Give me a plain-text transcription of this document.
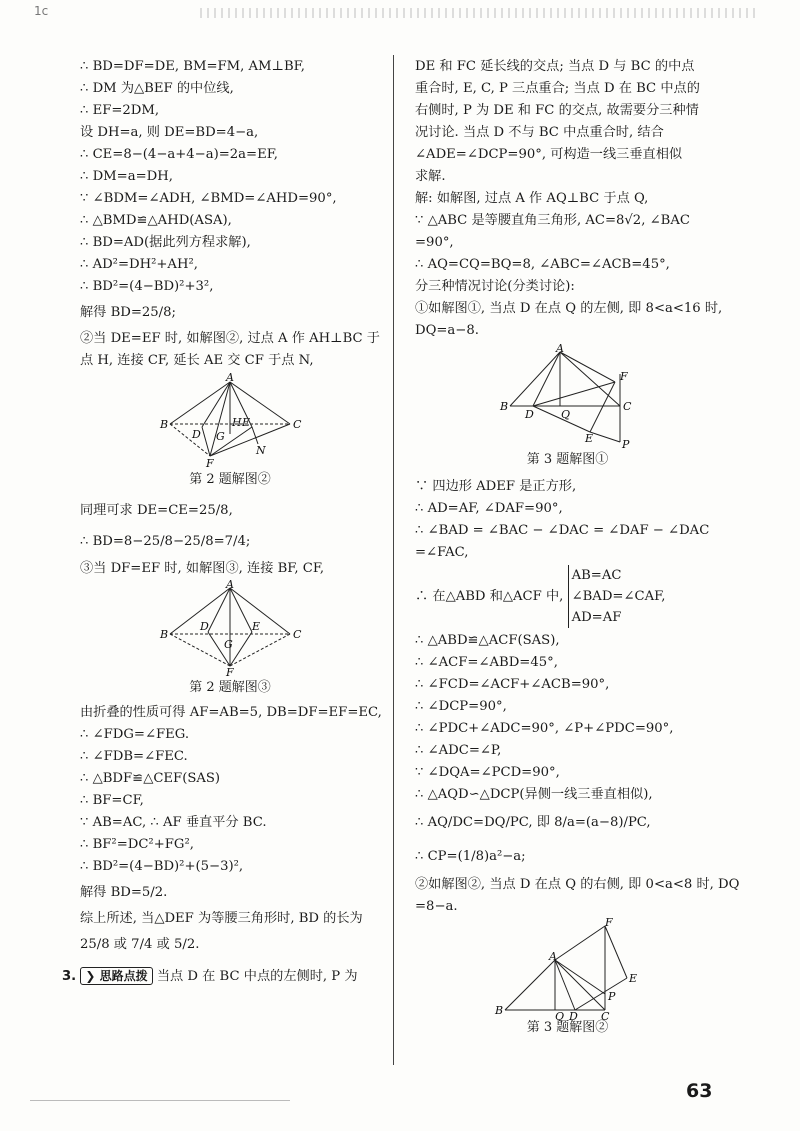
1c
∴ BD=DF=DE, BM=FM, AM⊥BF,
∴ DM 为△BEF 的中位线,
∴ EF=2DM,
设 DH=a, 则 DE=BD=4−a,
∴ CE=8−(4−a+4−a)=2a=EF,
∴ DM=a=DH,
∵ ∠BDM=∠ADH, ∠BMD=∠AHD=90°,
∴ △BMD≌△AHD(ASA),
∴ BD=AD(据此列方程求解),
∴ AD²=DH²+AH²,
∴ BD²=(4−BD)²+3²,
解得 BD=25/8;
②当 DE=EF 时, 如解图②, 过点 A 作 AH⊥BC 于点 H, 连接 CF, 延长 AE 交 CF 于点 N,
A
B	C
D G
H E
F
N
第 2 题解图②
同理可求 DE=CE=25/8,
∴ BD=8−25/8−25/8=7/4;
③当 DF=EF 时, 如解图③, 连接 BF, CF,
A
B	C
D
G
E
F
第 2 题解图③
由折叠的性质可得 AF=AB=5, DB=DF=EF=EC,
∴ ∠FDG=∠FEG.
∴ ∠FDB=∠FEC.
∴ △BDF≌△CEF(SAS)
∴ BF=CF,
∵ AB=AC, ∴ AF 垂直平分 BC.
∴ BF²=DC²+FG²,
∴ BD²=(4−BD)²+(5−3)²,
解得 BD=5/2.
综上所述, 当△DEF 为等腰三角形时, BD 的长为
25/8 或 7/4 或 5/2.
3. ❯ 思路点拨 当点 D 在 BC 中点的左侧时, P 为
DE 和 FC 延长线的交点; 当点 D 与 BC 的中点
重合时, E, C, P 三点重合; 当点 D 在 BC 中点的
右侧时, P 为 DE 和 FC 的交点, 故需要分三种情
况讨论. 当点 D 不与 BC 中点重合时, 结合
∠ADE=∠DCP=90°, 可构造一线三垂直相似
求解.
解: 如解图, 过点 A 作 AQ⊥BC 于点 Q,
∵ △ABC 是等腰直角三角形, AC=8√2, ∠BAC
=90°,
∴ AQ=CQ=BQ=8, ∠ABC=∠ACB=45°,
分三种情况讨论(分类讨论):
①如解图①, 当点 D 在点 Q 的左侧, 即 8<a<16 时,
DQ=a−8.
A
B	C
D Q
E
F
P
第 3 题解图①
∵ 四边形 ADEF 是正方形,
∴ AD=AF, ∠DAF=90°,
∴ ∠BAD = ∠BAC − ∠DAC = ∠DAF − ∠DAC
=∠FAC,
∴ 在△ABD 和△ACF 中,
AB=AC
∠BAD=∠CAF,
AD=AF
∴ △ABD≌△ACF(SAS),
∴ ∠ACF=∠ABD=45°,
∴ ∠FCD=∠ACF+∠ACB=90°,
∴ ∠DCP=90°,
∴ ∠PDC+∠ADC=90°, ∠P+∠PDC=90°,
∴ ∠ADC=∠P,
∵ ∠DQA=∠PCD=90°,
∴ △AQD∽△DCP(异侧一线三垂直相似),
∴ AQ/DC=DQ/PC, 即 8/a=(a−8)/PC,
∴ CP=(1/8)a²−a;
②如解图②, 当点 D 在点 Q 的右侧, 即 0<a<8 时, DQ
=8−a.
A
B	C
D
Q
E
F
P
第 3 题解图②
63
